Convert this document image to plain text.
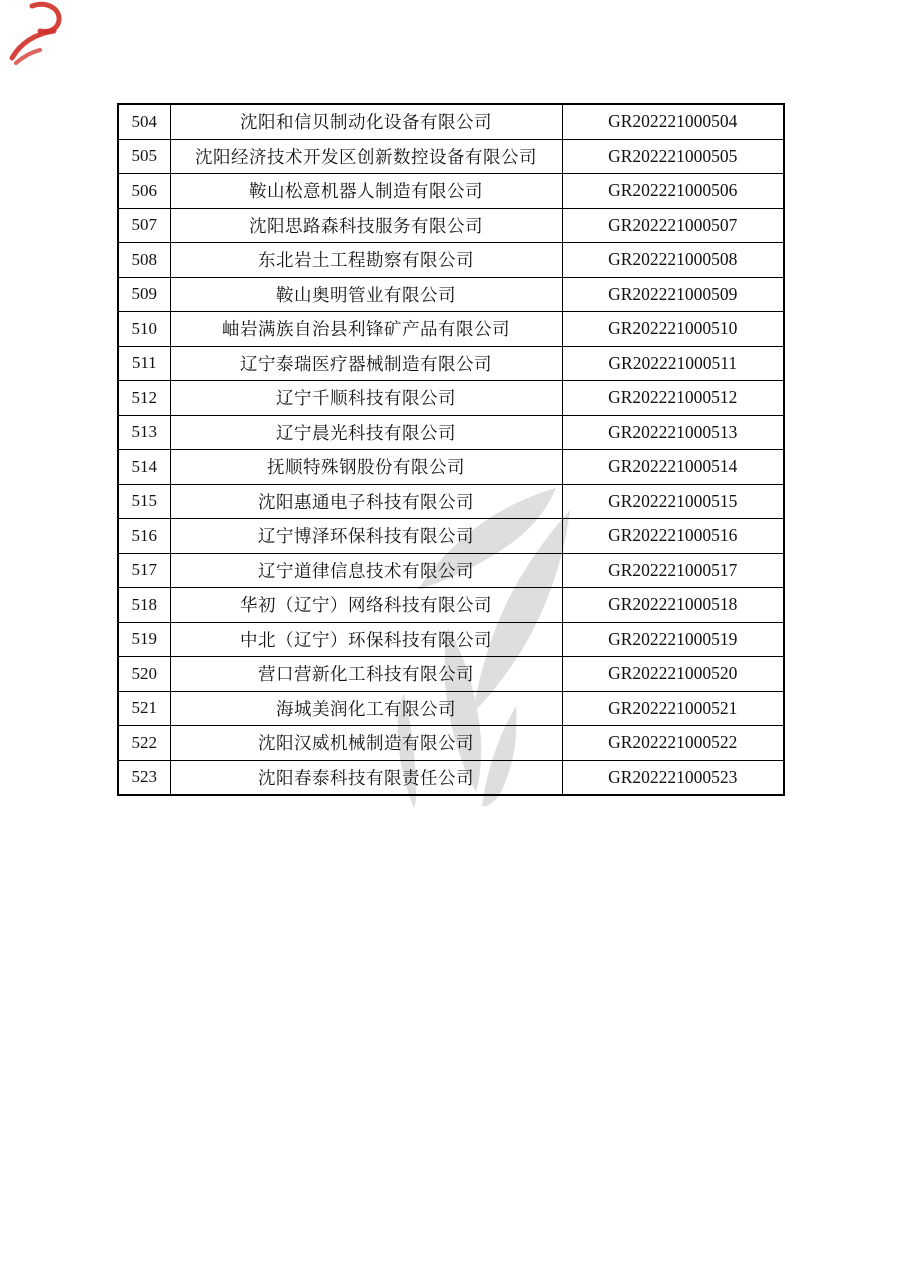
504	沈阳和信贝制动化设备有限公司	GR202221000504
505	沈阳经济技术开发区创新数控设备有限公司	GR202221000505
506	鞍山松意机器人制造有限公司	GR202221000506
507	沈阳思路森科技服务有限公司	GR202221000507
508	东北岩土工程勘察有限公司	GR202221000508
509	鞍山奥明管业有限公司	GR202221000509
510	岫岩满族自治县利锋矿产品有限公司	GR202221000510
511	辽宁泰瑞医疗器械制造有限公司	GR202221000511
512	辽宁千顺科技有限公司	GR202221000512
513	辽宁晨光科技有限公司	GR202221000513
514	抚顺特殊钢股份有限公司	GR202221000514
515	沈阳惠通电子科技有限公司	GR202221000515
516	辽宁博泽环保科技有限公司	GR202221000516
517	辽宁道律信息技术有限公司	GR202221000517
518	华初（辽宁）网络科技有限公司	GR202221000518
519	中北（辽宁）环保科技有限公司	GR202221000519
520	营口营新化工科技有限公司	GR202221000520
521	海城美润化工有限公司	GR202221000521
522	沈阳汉威机械制造有限公司	GR202221000522
523	沈阳春泰科技有限责任公司	GR202221000523
